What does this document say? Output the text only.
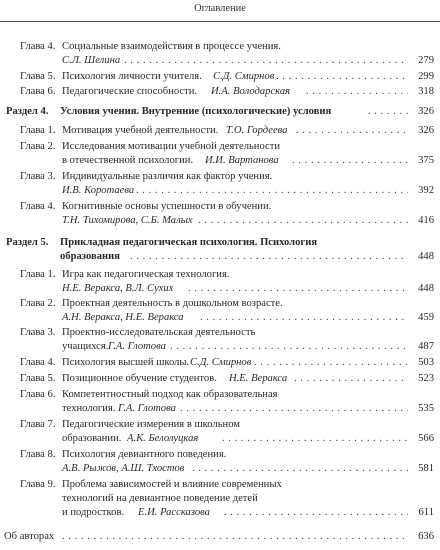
Оглавление
Глава 4. Социальные взаимодействия в процессе учения.
С.Л. Шелина . . .	279
Глава 5. Психология личности учителя. С.Д. Смирнов . . .	299
Глава 6. Педагогические способности. И.А. Володарская . . .	318
Раздел 4. Условия учения. Внутренние (психологические) условия . . .	326
Глава 1. Мотивация учебной деятельности. Т.О. Гордеева . . .	326
Глава 2. Исследования мотивации учебной деятельности
в отечественной психологии. И.И. Вартанова . . .	375
Глава 3. Индивидуальные различия как фактор учения.
И.В. Коротаева . . .	392
Глава 4. Когнитивные основы успешности в обучении.
Т.Н. Тихомирова, С.Б. Малых . . .	416
Раздел 5. Прикладная педагогическая психология. Психология
образования . . .	448
Глава 1. Игра как педагогическая технология.
Н.Е. Веракса, В.Л. Сухих . . .	448
Глава 2. Проектная деятельность в дошкольном возрасте.
А.Н. Веракса, Н.Е. Веракса . . .	459
Глава 3. Проектно-исследовательская деятельность
учащихся. Г.А. Глотова . . .	487
Глава 4. Психология высшей школы. С.Д. Смирнов . . .	503
Глава 5. Позиционное обучение студентов. Н.Е. Веракса . . .	523
Глава 6. Компетентностный подход как образовательная
технология. Г.А. Глотова . . .	535
Глава 7. Педагогические измерения в школьном
образовании. А.К. Белолуцкая . . .	566
Глава 8. Психология девиантного поведения.
А.В. Рыжов, А.Ш. Тхостов . . .	581
Глава 9. Проблема зависимостей и влияние современных
технологий на девиантное поведение детей
и подростков. Е.И. Рассказова . . .	611
Об авторах . . .	636
